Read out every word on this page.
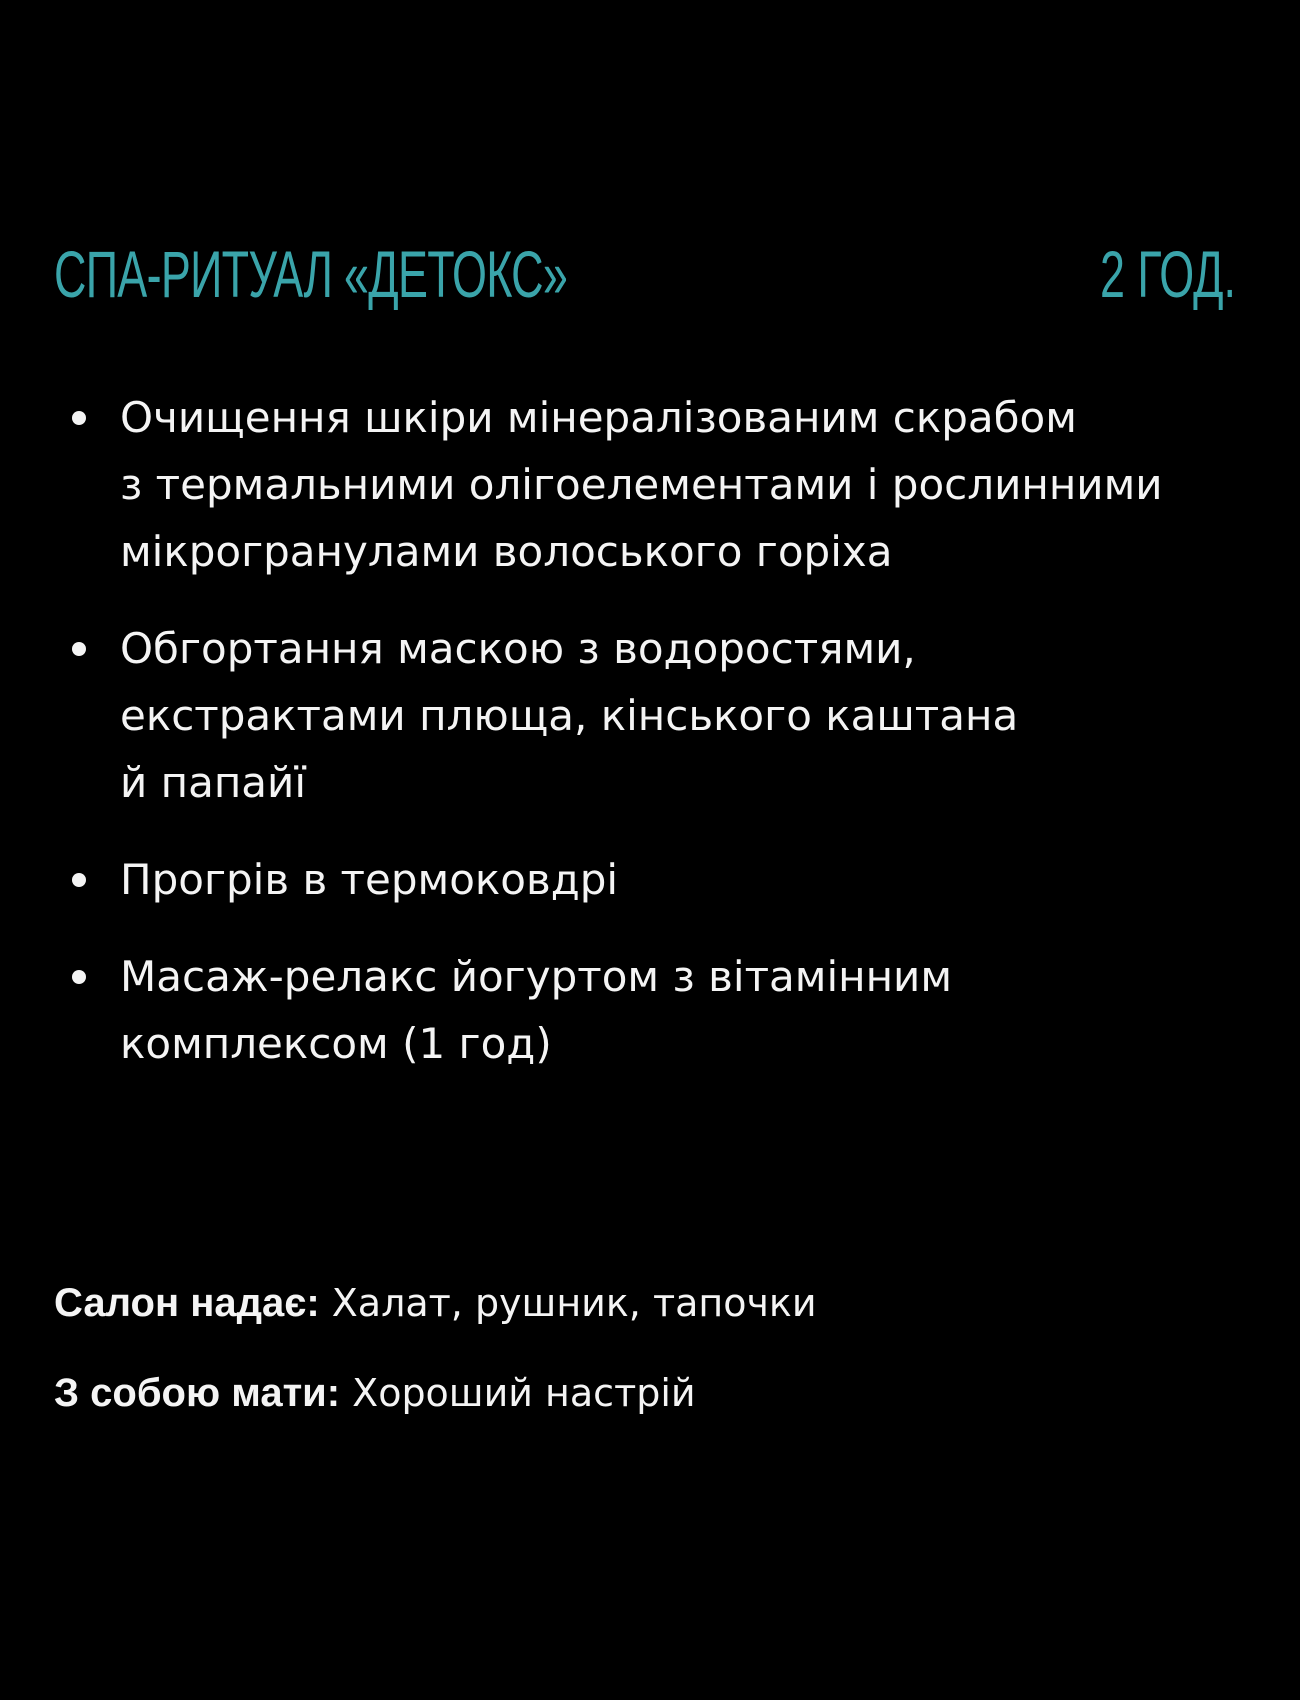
СПА-РИТУАЛ «ДЕТОКС»	2 ГОД.
Очищення шкіри мінералізованим скрабом
з термальними олігоелементами і рослинними
мікрогранулами волоського горіха
Обгортання маскою з водоростями,
екстрактами плюща, кінського каштана
й папайї
Прогрів в термоковдрі
Масаж-релакс йогуртом з вітамінним
комплексом (1 год)
Салон надає: Халат, рушник, тапочки
З собою мати: Хороший настрій
